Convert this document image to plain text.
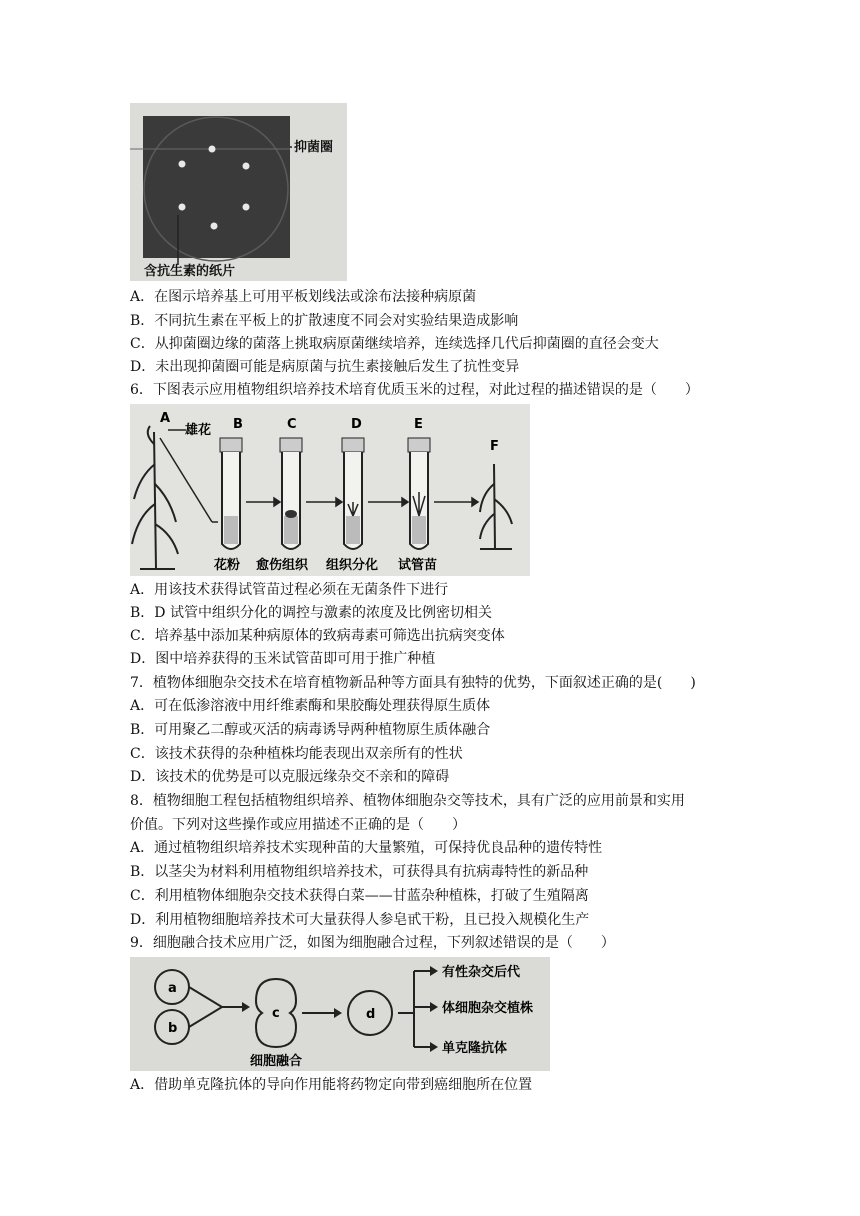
抑菌圈
含抗生素的纸片
A．在图示培养基上可用平板划线法或涂布法接种病原菌
B．不同抗生素在平板上的扩散速度不同会对实验结果造成影响
C．从抑菌圈边缘的菌落上挑取病原菌继续培养，连续选择几代后抑菌圈的直径会变大
D．未出现抑菌圈可能是病原菌与抗生素接触后发生了抗性变异
6．下图表示应用植物组织培养技术培育优质玉米的过程，对此过程的描述错误的是（　　）
A
雄花 B	C	D	E
F
花粉 愈伤组织 组织分化 试管苗
A．用该技术获得试管苗过程必须在无菌条件下进行
B．D 试管中组织分化的调控与激素的浓度及比例密切相关
C．培养基中添加某种病原体的致病毒素可筛选出抗病突变体
D．图中培养获得的玉米试管苗即可用于推广种植
7．植物体细胞杂交技术在培育植物新品种等方面具有独特的优势，下面叙述正确的是(　　)
A．可在低渗溶液中用纤维素酶和果胶酶处理获得原生质体
B．可用聚乙二醇或灭活的病毒诱导两种植物原生质体融合
C．该技术获得的杂种植株均能表现出双亲所有的性状
D．该技术的优势是可以克服远缘杂交不亲和的障碍
8．植物细胞工程包括植物组织培养、植物体细胞杂交等技术，具有广泛的应用前景和实用
价值。下列对这些操作或应用描述不正确的是（　　）
A．通过植物组织培养技术实现种苗的大量繁殖，可保持优良品种的遗传特性
B．以茎尖为材料利用植物组织培养技术，可获得具有抗病毒特性的新品种
C．利用植物体细胞杂交技术获得白菜——甘蓝杂种植株，打破了生殖隔离
D．利用植物细胞培养技术可大量获得人参皂甙干粉，且已投入规模化生产
9．细胞融合技术应用广泛，如图为细胞融合过程，下列叙述错误的是（　　）
a
b
c	d
细胞融合
有性杂交后代
体细胞杂交植株
单克隆抗体
A．借助单克隆抗体的导向作用能将药物定向带到癌细胞所在位置
